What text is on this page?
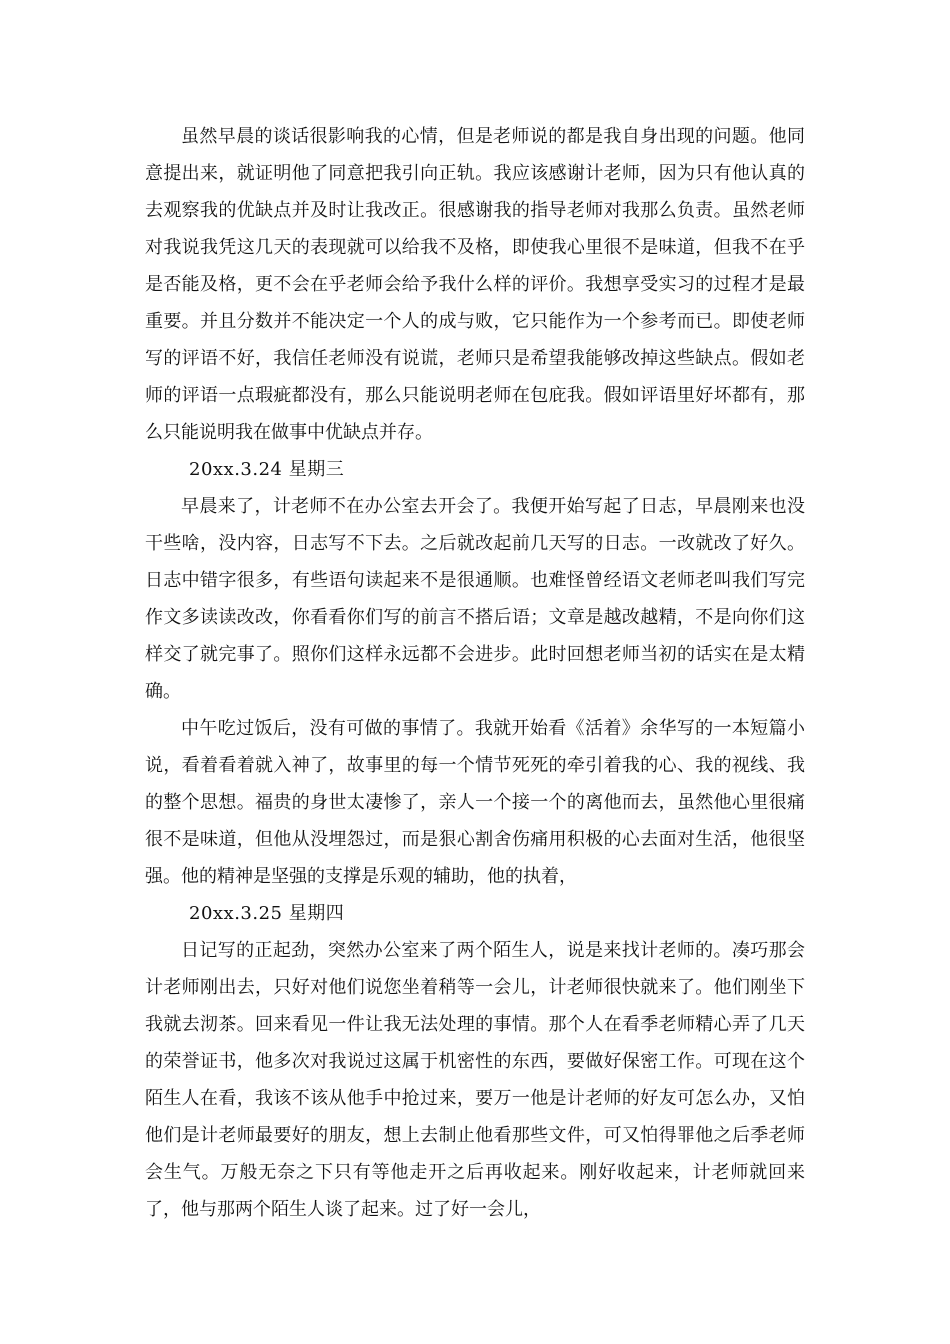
虽然早晨的谈话很影响我的心情，但是老师说的都是我自身出现的问题。他同意提出来，就证明他了同意把我引向正轨。我应该感谢计老师，因为只有他认真的去观察我的优缺点并及时让我改正。很感谢我的指导老师对我那么负责。虽然老师对我说我凭这几天的表现就可以给我不及格，即使我心里很不是味道，但我不在乎是否能及格，更不会在乎老师会给予我什么样的评价。我想享受实习的过程才是最重要。并且分数并不能决定一个人的成与败，它只能作为一个参考而已。即使老师写的评语不好，我信任老师没有说谎，老师只是希望我能够改掉这些缺点。假如老师的评语一点瑕疵都没有，那么只能说明老师在包庇我。假如评语里好坏都有，那么只能说明我在做事中优缺点并存。

20xx.3.24 星期三

早晨来了，计老师不在办公室去开会了。我便开始写起了日志，早晨刚来也没干些啥，没内容，日志写不下去。之后就改起前几天写的日志。一改就改了好久。日志中错字很多，有些语句读起来不是很通顺。也难怪曾经语文老师老叫我们写完作文多读读改改，你看看你们写的前言不搭后语；文章是越改越精，不是向你们这样交了就完事了。照你们这样永远都不会进步。此时回想老师当初的话实在是太精确。

中午吃过饭后，没有可做的事情了。我就开始看《活着》余华写的一本短篇小说，看着看着就入神了，故事里的每一个情节死死的牵引着我的心、我的视线、我的整个思想。福贵的身世太凄惨了，亲人一个接一个的离他而去，虽然他心里很痛很不是味道，但他从没埋怨过，而是狠心割舍伤痛用积极的心去面对生活，他很坚强。他的精神是坚强的支撑是乐观的辅助，他的执着，

20xx.3.25 星期四

日记写的正起劲，突然办公室来了两个陌生人，说是来找计老师的。凑巧那会计老师刚出去，只好对他们说您坐着稍等一会儿，计老师很快就来了。他们刚坐下我就去沏茶。回来看见一件让我无法处理的事情。那个人在看季老师精心弄了几天的荣誉证书，他多次对我说过这属于机密性的东西，要做好保密工作。可现在这个陌生人在看，我该不该从他手中抢过来，要万一他是计老师的好友可怎么办，又怕他们是计老师最要好的朋友，想上去制止他看那些文件，可又怕得罪他之后季老师会生气。万般无奈之下只有等他走开之后再收起来。刚好收起来，计老师就回来了，他与那两个陌生人谈了起来。过了好一会儿，
